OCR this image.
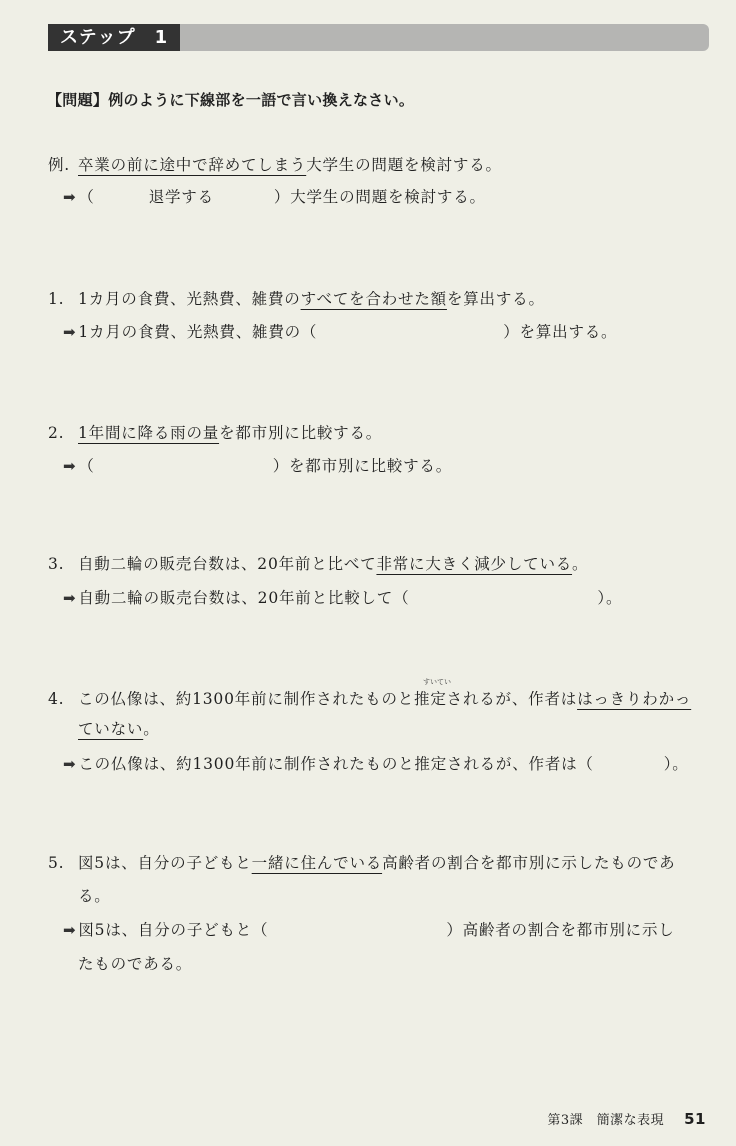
ステップ　1
【問題】例のように下線部を一語で言い換えなさい。
例. 卒業の前に途中で辞めてしまう大学生の問題を検討する。
➡ （	退学する	）大学生の問題を検討する。
1. 1カ月の食費、光熱費、雑費のすべてを合わせた額を算出する。
➡ 1カ月の食費、光熱費、雑費の（	）を算出する。
2. 1年間に降る雨の量を都市別に比較する。
➡ （	）を都市別に比較する。
3. 自動二輪の販売台数は、20年前と比べて非常に大きく減少している。
➡ 自動二輪の販売台数は、20年前と比較して（	）。
すいてい
4. この仏像は、約1300年前に制作されたものと推定されるが、作者ははっきりわかっ
ていない。
➡ この仏像は、約1300年前に制作されたものと推定されるが、作者は（	）。
5. 図5は、自分の子どもと一緒に住んでいる高齢者の割合を都市別に示したものであ
る。
➡ 図5は、自分の子どもと（	）高齢者の割合を都市別に示し
たものである。
第3課　簡潔な表現 51
